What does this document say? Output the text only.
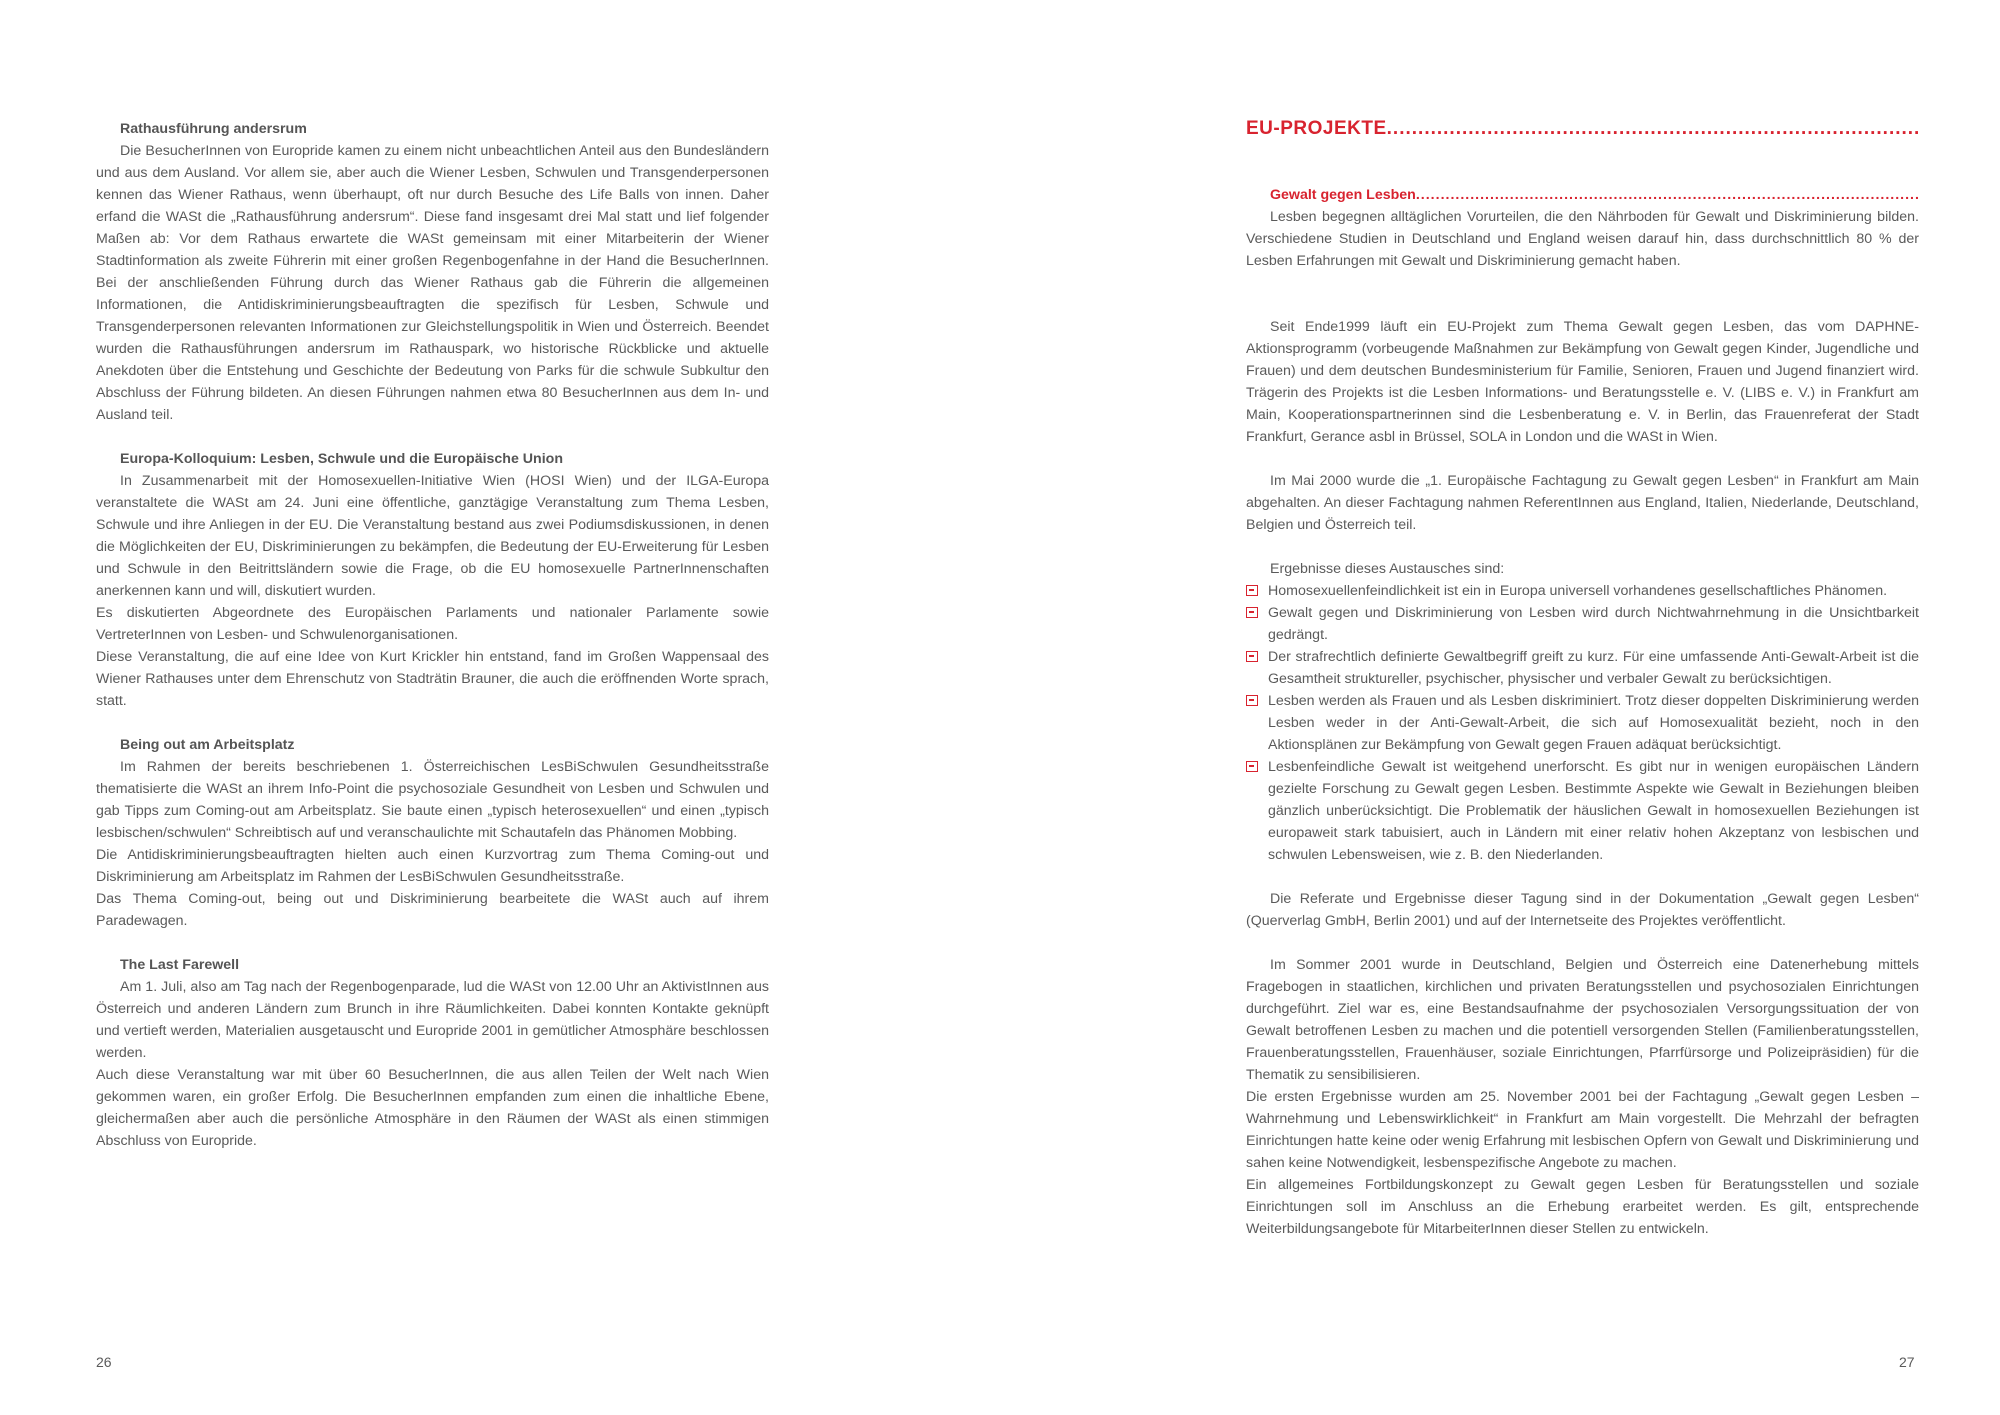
Rathausführung andersrum

Die BesucherInnen von Europride kamen zu einem nicht unbeachtlichen Anteil aus den Bundesländern und aus dem Ausland. Vor allem sie, aber auch die Wiener Lesben, Schwulen und Transgenderpersonen kennen das Wiener Rathaus, wenn überhaupt, oft nur durch Besuche des Life Balls von innen. Daher erfand die WASt die „Rathausführung andersrum“. Diese fand insgesamt drei Mal statt und lief folgender Maßen ab: Vor dem Rathaus erwartete die WASt gemeinsam mit einer Mitarbeiterin der Wiener Stadtinformation als zweite Führerin mit einer großen Regenbogenfahne in der Hand die BesucherInnen. Bei der anschließenden Führung durch das Wiener Rathaus gab die Führerin die allgemeinen Informationen, die Antidiskriminierungsbeauftragten die spezifisch für Lesben, Schwule und Transgenderpersonen relevanten Informationen zur Gleichstellungspolitik in Wien und Österreich. Beendet wurden die Rathausführungen andersrum im Rathauspark, wo historische Rückblicke und aktuelle Anekdoten über die Entstehung und Geschichte der Bedeutung von Parks für die schwule Subkultur den Abschluss der Führung bildeten. An diesen Führungen nahmen etwa 80 BesucherInnen aus dem In- und Ausland teil.

Europa-Kolloquium: Lesben, Schwule und die Europäische Union

In Zusammenarbeit mit der Homosexuellen-Initiative Wien (HOSI Wien) und der ILGA-Europa veranstaltete die WASt am 24. Juni eine öffentliche, ganztägige Veranstaltung zum Thema Lesben, Schwule und ihre Anliegen in der EU. Die Veranstaltung bestand aus zwei Podiumsdiskussionen, in denen die Möglichkeiten der EU, Diskriminierungen zu bekämpfen, die Bedeutung der EU-Erweiterung für Lesben und Schwule in den Beitrittsländern sowie die Frage, ob die EU homosexuelle PartnerInnenschaften anerkennen kann und will, diskutiert wurden.

Es diskutierten Abgeordnete des Europäischen Parlaments und nationaler Parlamente sowie VertreterInnen von Lesben- und Schwulenorganisationen.

Diese Veranstaltung, die auf eine Idee von Kurt Krickler hin entstand, fand im Großen Wappensaal des Wiener Rathauses unter dem Ehrenschutz von Stadträtin Brauner, die auch die eröffnenden Worte sprach, statt.

Being out am Arbeitsplatz

Im Rahmen der bereits beschriebenen 1. Österreichischen LesBiSchwulen Gesundheitsstraße thematisierte die WASt an ihrem Info-Point die psychosoziale Gesundheit von Lesben und Schwulen und gab Tipps zum Coming-out am Arbeitsplatz. Sie baute einen „typisch heterosexuellen“ und einen „typisch lesbischen/schwulen“ Schreibtisch auf und veranschaulichte mit Schautafeln das Phänomen Mobbing.

Die Antidiskriminierungsbeauftragten hielten auch einen Kurzvortrag zum Thema Coming-out und Diskriminierung am Arbeitsplatz im Rahmen der LesBiSchwulen Gesundheitsstraße.

Das Thema Coming-out, being out und Diskriminierung bearbeitete die WASt auch auf ihrem Paradewagen.

The Last Farewell

Am 1. Juli, also am Tag nach der Regenbogenparade, lud die WASt von 12.00 Uhr an AktivistInnen aus Österreich und anderen Ländern zum Brunch in ihre Räumlichkeiten. Dabei konnten Kontakte geknüpft und vertieft werden, Materialien ausgetauscht und Europride 2001 in gemütlicher Atmosphäre beschlossen werden.

Auch diese Veranstaltung war mit über 60 BesucherInnen, die aus allen Teilen der Welt nach Wien gekommen waren, ein großer Erfolg. Die BesucherInnen empfanden zum einen die inhaltliche Ebene, gleichermaßen aber auch die persönliche Atmosphäre in den Räumen der WASt als einen stimmigen Abschluss von Europride.

EU-PROJEKTE
.....
Gewalt gegen Lesben
.....

Lesben begegnen alltäglichen Vorurteilen, die den Nährboden für Gewalt und Diskriminierung bilden. Verschiedene Studien in Deutschland und England weisen darauf hin, dass durchschnittlich 80 % der Lesben Erfahrungen mit Gewalt und Diskriminierung gemacht haben.

Seit Ende1999 läuft ein EU-Projekt zum Thema Gewalt gegen Lesben, das vom DAPHNE-Aktionsprogramm (vorbeugende Maßnahmen zur Bekämpfung von Gewalt gegen Kinder, Jugendliche und Frauen) und dem deutschen Bundesministerium für Familie, Senioren, Frauen und Jugend finanziert wird. Trägerin des Projekts ist die Lesben Informations- und Beratungsstelle e. V. (LIBS e. V.) in Frankfurt am Main, Kooperationspartnerinnen sind die Lesbenberatung e. V. in Berlin, das Frauenreferat der Stadt Frankfurt, Gerance asbl in Brüssel, SOLA in London und die WASt in Wien.

Im Mai 2000 wurde die „1. Europäische Fachtagung zu Gewalt gegen Lesben“ in Frankfurt am Main abgehalten. An dieser Fachtagung nahmen ReferentInnen aus England, Italien, Niederlande, Deutschland, Belgien und Österreich teil.

Ergebnisse dieses Austausches sind:

Homosexuellenfeindlichkeit ist ein in Europa universell vorhandenes gesellschaftliches Phänomen.

Gewalt gegen und Diskriminierung von Lesben wird durch Nichtwahrnehmung in die Unsichtbarkeit gedrängt.

Der strafrechtlich definierte Gewaltbegriff greift zu kurz. Für eine umfassende Anti-Gewalt-Arbeit ist die Gesamtheit struktureller, psychischer, physischer und verbaler Gewalt zu berücksichtigen.

Lesben werden als Frauen und als Lesben diskriminiert. Trotz dieser doppelten Diskriminierung werden Lesben weder in der Anti-Gewalt-Arbeit, die sich auf Homosexualität bezieht, noch in den Aktionsplänen zur Bekämpfung von Gewalt gegen Frauen adäquat berücksichtigt.

Lesbenfeindliche Gewalt ist weitgehend unerforscht. Es gibt nur in wenigen europäischen Ländern gezielte Forschung zu Gewalt gegen Lesben. Bestimmte Aspekte wie Gewalt in Beziehungen bleiben gänzlich unberücksichtigt. Die Problematik der häuslichen Gewalt in homosexuellen Beziehungen ist europaweit stark tabuisiert, auch in Ländern mit einer relativ hohen Akzeptanz von lesbischen und schwulen Lebensweisen, wie z. B. den Niederlanden.

Die Referate und Ergebnisse dieser Tagung sind in der Dokumentation „Gewalt gegen Lesben“ (Querverlag GmbH, Berlin 2001) und auf der Internetseite des Projektes veröffentlicht.

Im Sommer 2001 wurde in Deutschland, Belgien und Österreich eine Datenerhebung mittels Fragebogen in staatlichen, kirchlichen und privaten Beratungsstellen und psychosozialen Einrichtungen durchgeführt. Ziel war es, eine Bestandsaufnahme der psychosozialen Versorgungssituation der von Gewalt betroffenen Lesben zu machen und die potentiell versorgenden Stellen (Familienberatungsstellen, Frauenberatungsstellen, Frauenhäuser, soziale Einrichtungen, Pfarrfürsorge und Polizeipräsidien) für die Thematik zu sensibilisieren.

Die ersten Ergebnisse wurden am 25. November 2001 bei der Fachtagung „Gewalt gegen Lesben – Wahrnehmung und Lebenswirklichkeit“ in Frankfurt am Main vorgestellt. Die Mehrzahl der befragten Einrichtungen hatte keine oder wenig Erfahrung mit lesbischen Opfern von Gewalt und Diskriminierung und sahen keine Notwendigkeit, lesbenspezifische Angebote zu machen.

Ein allgemeines Fortbildungskonzept zu Gewalt gegen Lesben für Beratungsstellen und soziale Einrichtungen soll im Anschluss an die Erhebung erarbeitet werden. Es gilt, entsprechende Weiterbildungsangebote für MitarbeiterInnen dieser Stellen zu entwickeln.

26	27
